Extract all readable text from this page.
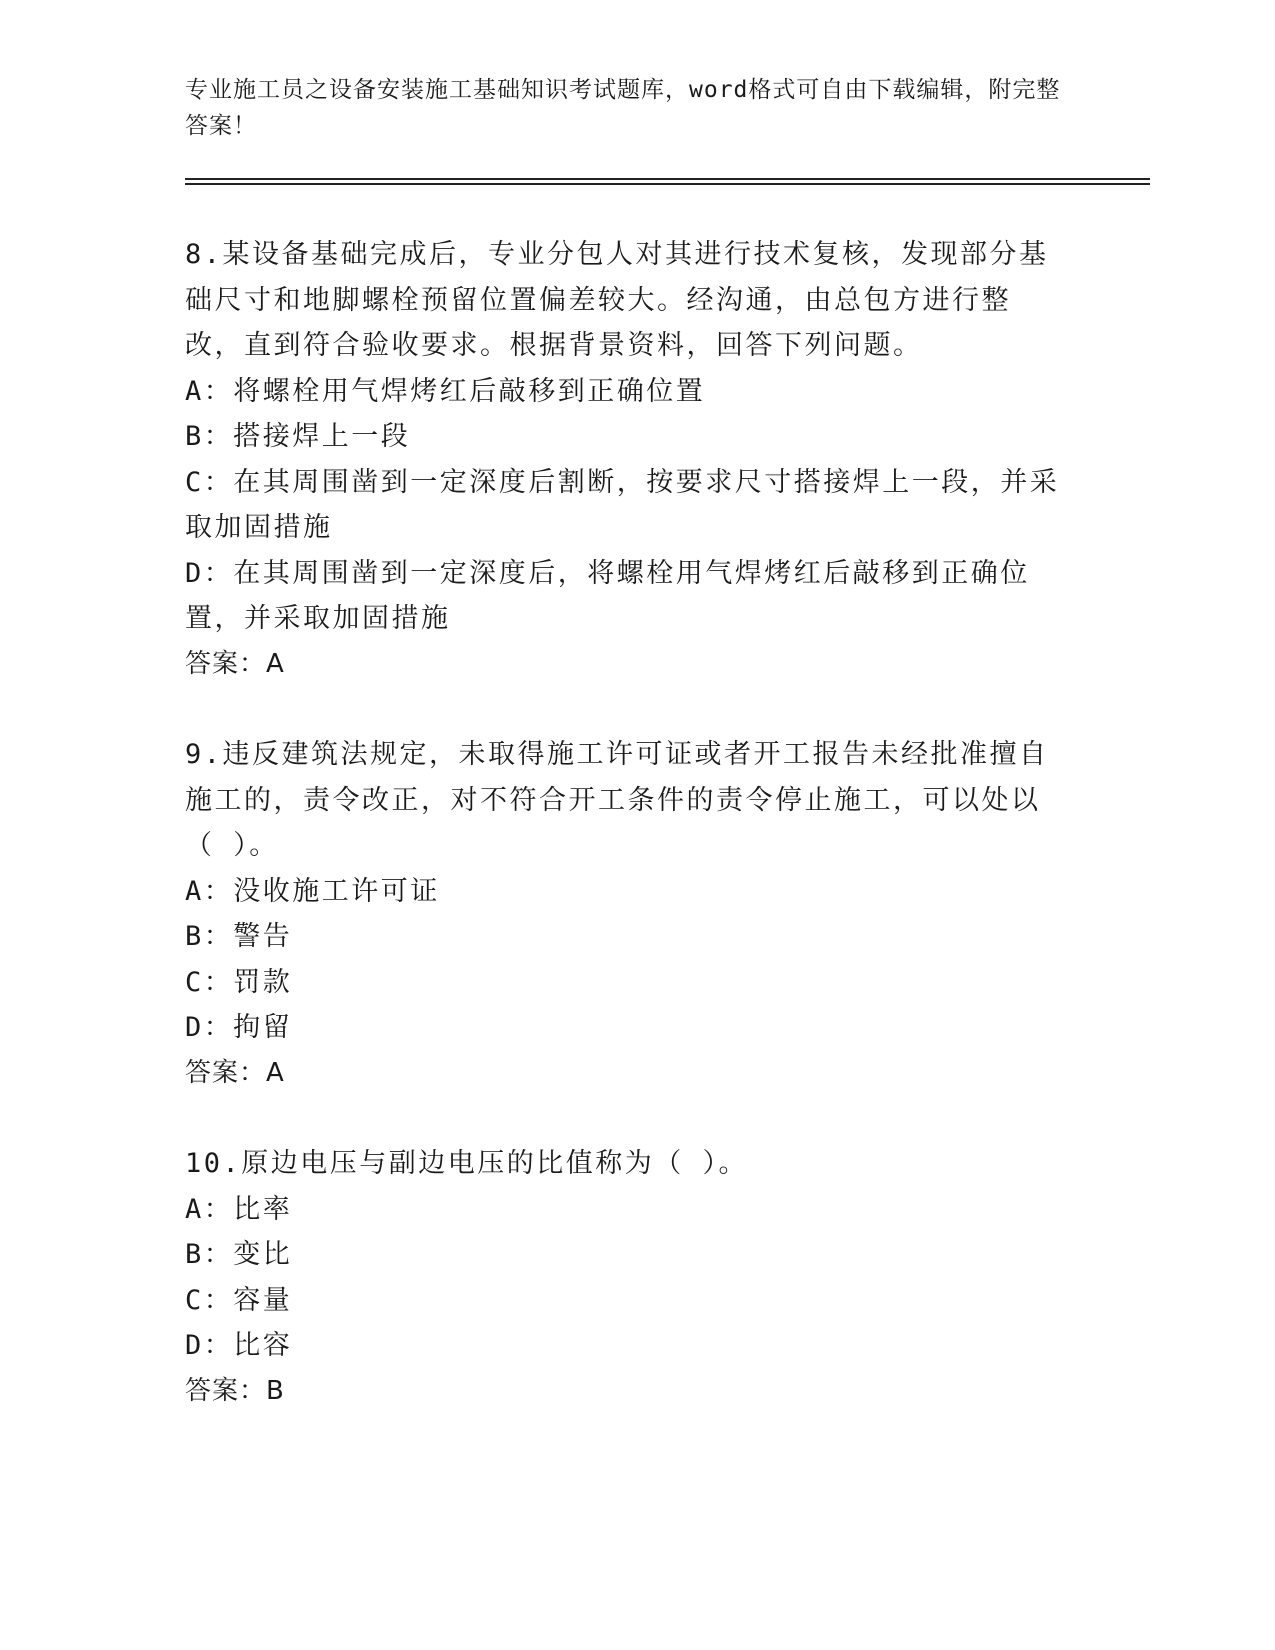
专业施工员之设备安装施工基础知识考试题库，word格式可自由下载编辑，附完整答案！

8.某设备基础完成后，专业分包人对其进行技术复核，发现部分基础尺寸和地脚螺栓预留位置偏差较大。经沟通，由总包方进行整改，直到符合验收要求。根据背景资料，回答下列问题。

A：将螺栓用气焊烤红后敲移到正确位置

B：搭接焊上一段

C：在其周围凿到一定深度后割断，按要求尺寸搭接焊上一段，并采取加固措施

D：在其周围凿到一定深度后，将螺栓用气焊烤红后敲移到正确位置，并采取加固措施

答案：A

9.违反建筑法规定，未取得施工许可证或者开工报告未经批准擅自施工的，责令改正，对不符合开工条件的责令停止施工，可以处以（ ）。

A：没收施工许可证

B：警告

C：罚款

D：拘留

答案：A

10.原边电压与副边电压的比值称为（ ）。

A：比率

B：变比

C：容量

D：比容

答案：B
